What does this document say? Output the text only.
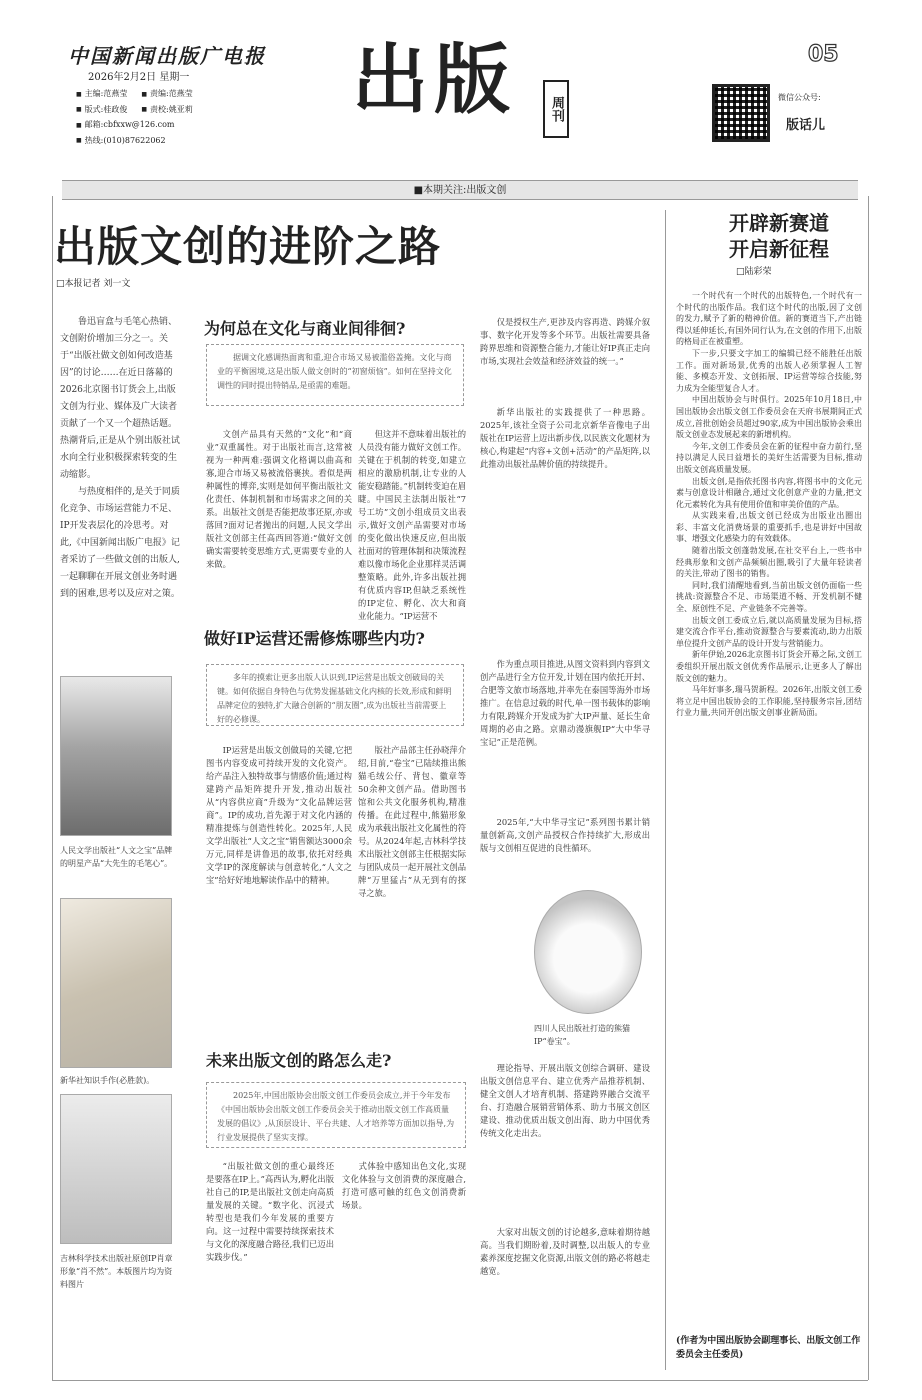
中国新闻出版广电报
2026年2月2日 星期一
■ 主编:范燕莹	■ 责编:范燕莹
■ 版式:桂政俊	■ 责校:姚亚莉
■ 邮箱:cbfxxw@126.com
■ 热线:(010)87622062
出版	周刊
05
微信公众号:
版话儿
■本期关注:出版文创
出版文创的进阶之路
□本报记者 刘一文

鲁迅盲盒与毛笔心热销、文创附价增加三分之一。关于“出版社做文创如何改造基因”的讨论……在近日落幕的2026北京图书订货会上,出版文创为行业、媒体及广大读者贡献了一个又一个超热话题。热潮背后,正是从个别出版社试水向全行业积极探索转变的生动缩影。

与热度相伴的,是关于同质化竞争、市场运营能力不足、IP开发表层化的冷思考。对此,《中国新闻出版广电报》记者采访了一些做文创的出版人,一起聊聊在开展文创业务时遇到的困难,思考以及应对之策。

人民文学出版社“人文之宝”品牌的明星产品“大先生的毛笔心”。
新华社知识手作(必胜款)。
吉林科学技术出版社原创IP肖章形象“肖不然”。本版图片均为资料图片
四川人民出版社打造的熊猫IP“卷宝”。
为何总在文化与商业间徘徊?
据调文化感调热面离和重,迎合市场又易被滥俗盖掩。文化与商业的平衡困境,这是出版人做文创时的“初窗烦恼”。如何在坚持文化调性的同时提出特销品,是亟需的难题。
文创产品具有天然的“文化”和“商业”双重属性。对于出版社而言,这常被视为一种两难:强调文化格调以曲高和寡,迎合市场又易被流俗裹挟。看似是两种属性的博弈,实则是如何平衡出版社文化责任、体制机制和市场需求之间的关系。出版社文创是否能把故事还原,亦或落回?面对记者抛出的问题,人民文学出版社文创部主任高西回答道:“做好文创确实需要转变思维方式,更需要专业的人来做。
但这并不意味着出版社的人员没有能力做好文创工作。关键在于机制的转变,如建立相应的激励机制,让专业的人能安稳踏能。”机制转变迫在眉睫。中国民主法制出版社“7号工坊”文创小组成员文出表示,做好文创产品需要对市场的变化做出快速反应,但出版社面对的管理体制和决策流程难以像市场化企业那样灵活调整策略。此外,许多出版社拥有优质内容IP,但缺乏系统性的IP定位、孵化、次大和商业化能力。“IP运营不
仅是授权生产,更涉及内容再造、跨媒介叙事、数字化开发等多个环节。出版社需要具备跨界思维和资源整合能力,才能让好IP真正走向市场,实现社会效益和经济效益的统一。”
新华出版社的实践提供了一种思路。2025年,该社全资子公司北京新华音像电子出版社在IP运营上迈出新步伐,以民族文化题材为核心,构建起“内容+文创+活动”的产品矩阵,以此推动出版社品牌价值的持续提升。
做好IP运营还需修炼哪些内功?
多年的摸索让更多出版人认识到,IP运营是出版文创破局的关键。如何依据自身特色与优势发掘基础文化内核的长效,形成和鲜明品牌定位的独特,扩大融合创新的“朋友圈”,成为出版社当前需要上好的必修课。
IP运营是出版文创做局的关键,它把图书内容变成可持续开发的文化资产。给产品注入独特故事与情感价值;通过构建跨产品矩阵提升开发,推动出版社从“内容供应商”升级为“文化品牌运营商”。IP的成功,首先源于对文化内涵的精准提炼与创造性转化。2025年,人民文学出版社“人文之宝”销售额达3000余万元,同样是讲鲁迅的故事,依托对经典文学IP的深度解读与创意转化,“人文之宝”给好好地地解读作品中的精神。
版社产品部主任孙晓萍介绍,目前,“卷宝”已陆续推出熊猫毛绒公仔、背包、徽章等50余种文创产品。借助图书馆和公共文化服务机构,精准传播。在此过程中,熊猫形象成为承载出版社文化属性的符号。从2024年起,吉林科学技术出版社文创部主任根据实际与团队成员一起开展社文创品牌“万里猛占”从无到有的探寻之旅。
作为重点项目推进,从图文资料到内容到文创产品进行全方位开发,计划在国内依托开封、合肥等文旅市场落地,并率先在泰国等海外市场推广。在信息过载的时代,单一图书载体的影响力有限,跨媒介开发成为扩大IP声量、延长生命周期的必由之路。京鼎动漫旗舰IP“大中华寻宝记”正是范例。
2025年,“大中华寻宝记”系列图书累计销量创新高,文创产品授权合作持续扩大,形成出版与文创相互促进的良性循环。
未来出版文创的路怎么走?
2025年,中国出版协会出版文创工作委员会成立,并于今年发布《中国出版协会出版文创工作委员会关于推动出版文创工作高质量发展的倡议》,从顶层设计、平台共建、人才培养等方面加以指导,为行业发展提供了坚实支撑。
“出版社做文创的重心最终还是要落在IP上。”高西认为,孵化出版社自己的IP,是出版社文创走向高质量发展的关键。“数字化、沉浸式转型也是我们今年发展的重要方向。这一过程中需要持续探索技术与文化的深度融合路径,我们已迈出实践步伐。”
式体验中感知出色文化,实现文化体验与文创消费的深度融合,打造可感可触的红色文创消费新场景。
理论指导、开展出版文创综合调研、建设出版文创信息平台、建立优秀产品推荐机制、健全文创人才培育机制、搭建跨界融合交流平台、打造融合展销营销体系、助力书展文创区建设、推动优质出版文创出海、助力中国优秀传统文化走出去。
大家对出版文创的讨论越多,意味着期待越高。当我们期盼着,及时调整,以出版人的专业素养深度挖掘文化资源,出版文创的路必将越走越宽。
开辟新赛道
开启新征程
□陆彩荣

一个时代有一个时代的出版特色,一个时代有一个时代的出版作品。我们这个时代的出版,因了文创的发力,赋予了新的精神价值。新的赛道当下,产出链得以延伸延长,有国外同行认为,在文创的作用下,出版的格局正在被重塑。

下一步,只要文字加工的编辑已经不能胜任出版工作。面对新场景,优秀的出版人必须掌握人工智能、多模态开发、文创拓展、IP运营等综合技能,努力成为全能型复合人才。

中国出版协会与时俱行。2025年10月18日,中国出版协会出版文创工作委员会在天府书展期间正式成立,首批创始会员超过90家,成为中国出版协会乘出版文创业态发展起来的新增机构。

今年,文创工作委员会在新的征程中奋力前行,坚持以满足人民日益增长的美好生活需要为目标,推动出版文创高质量发展。

出版文创,是指依托图书内容,将图书中的文化元素与创意设计相融合,通过文化创意产业的力量,把文化元素转化为具有使用价值和审美价值的产品。

从实践来看,出版文创已经成为出版业出圈出彩、丰富文化消费场景的重要抓手,也是讲好中国故事、增强文化感染力的有效载体。

随着出版文创蓬勃发展,在社交平台上,一些书中经典形象和文创产品频频出圈,吸引了大量年轻读者的关注,带动了图书的销售。

同时,我们清醒地看到,当前出版文创仍面临一些挑战:资源整合不足、市场渠道不畅、开发机制不健全、原创性不足、产业链条不完善等。

出版文创工委成立后,就以高质量发展为目标,搭建交流合作平台,推动资源整合与要素流动,助力出版单位提升文创产品的设计开发与营销能力。

新年伊始,2026北京图书订货会开幕之际,文创工委组织开展出版文创优秀作品展示,让更多人了解出版文创的魅力。

马年好事多,瑞马贺新程。2026年,出版文创工委将立足中国出版协会的工作职能,坚持服务宗旨,团结行业力量,共同开创出版文创事业新局面。

(作者为中国出版协会副理事长、出版文创工作委员会主任委员)
